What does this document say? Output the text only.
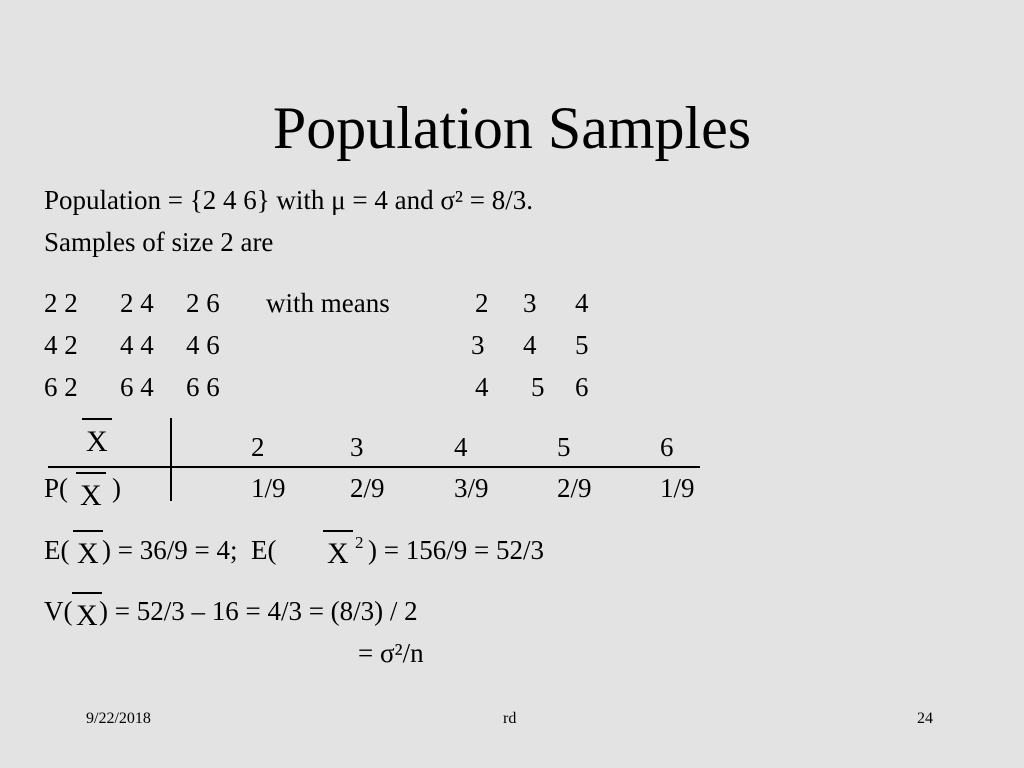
Population Samples
Population = {2 4 6} with μ = 4 and σ² = 8/3.
Samples of size 2 are
2 2 2 4 2 6 with means	2 3 4
4 2 4 4 4 6	3 4 5
6 2 6 4 6 6	4 5 6
X	2	3	4	5	6
P( X )	1/9 2/9	3/9	2/9	1/9
E( X ) = 36/9 = 4;  E( X 2 ) = 156/9 = 52/3
V( X ) = 52/3 – 16 = 4/3 = (8/3) / 2
= σ²/n
9/22/2018	rd	24
